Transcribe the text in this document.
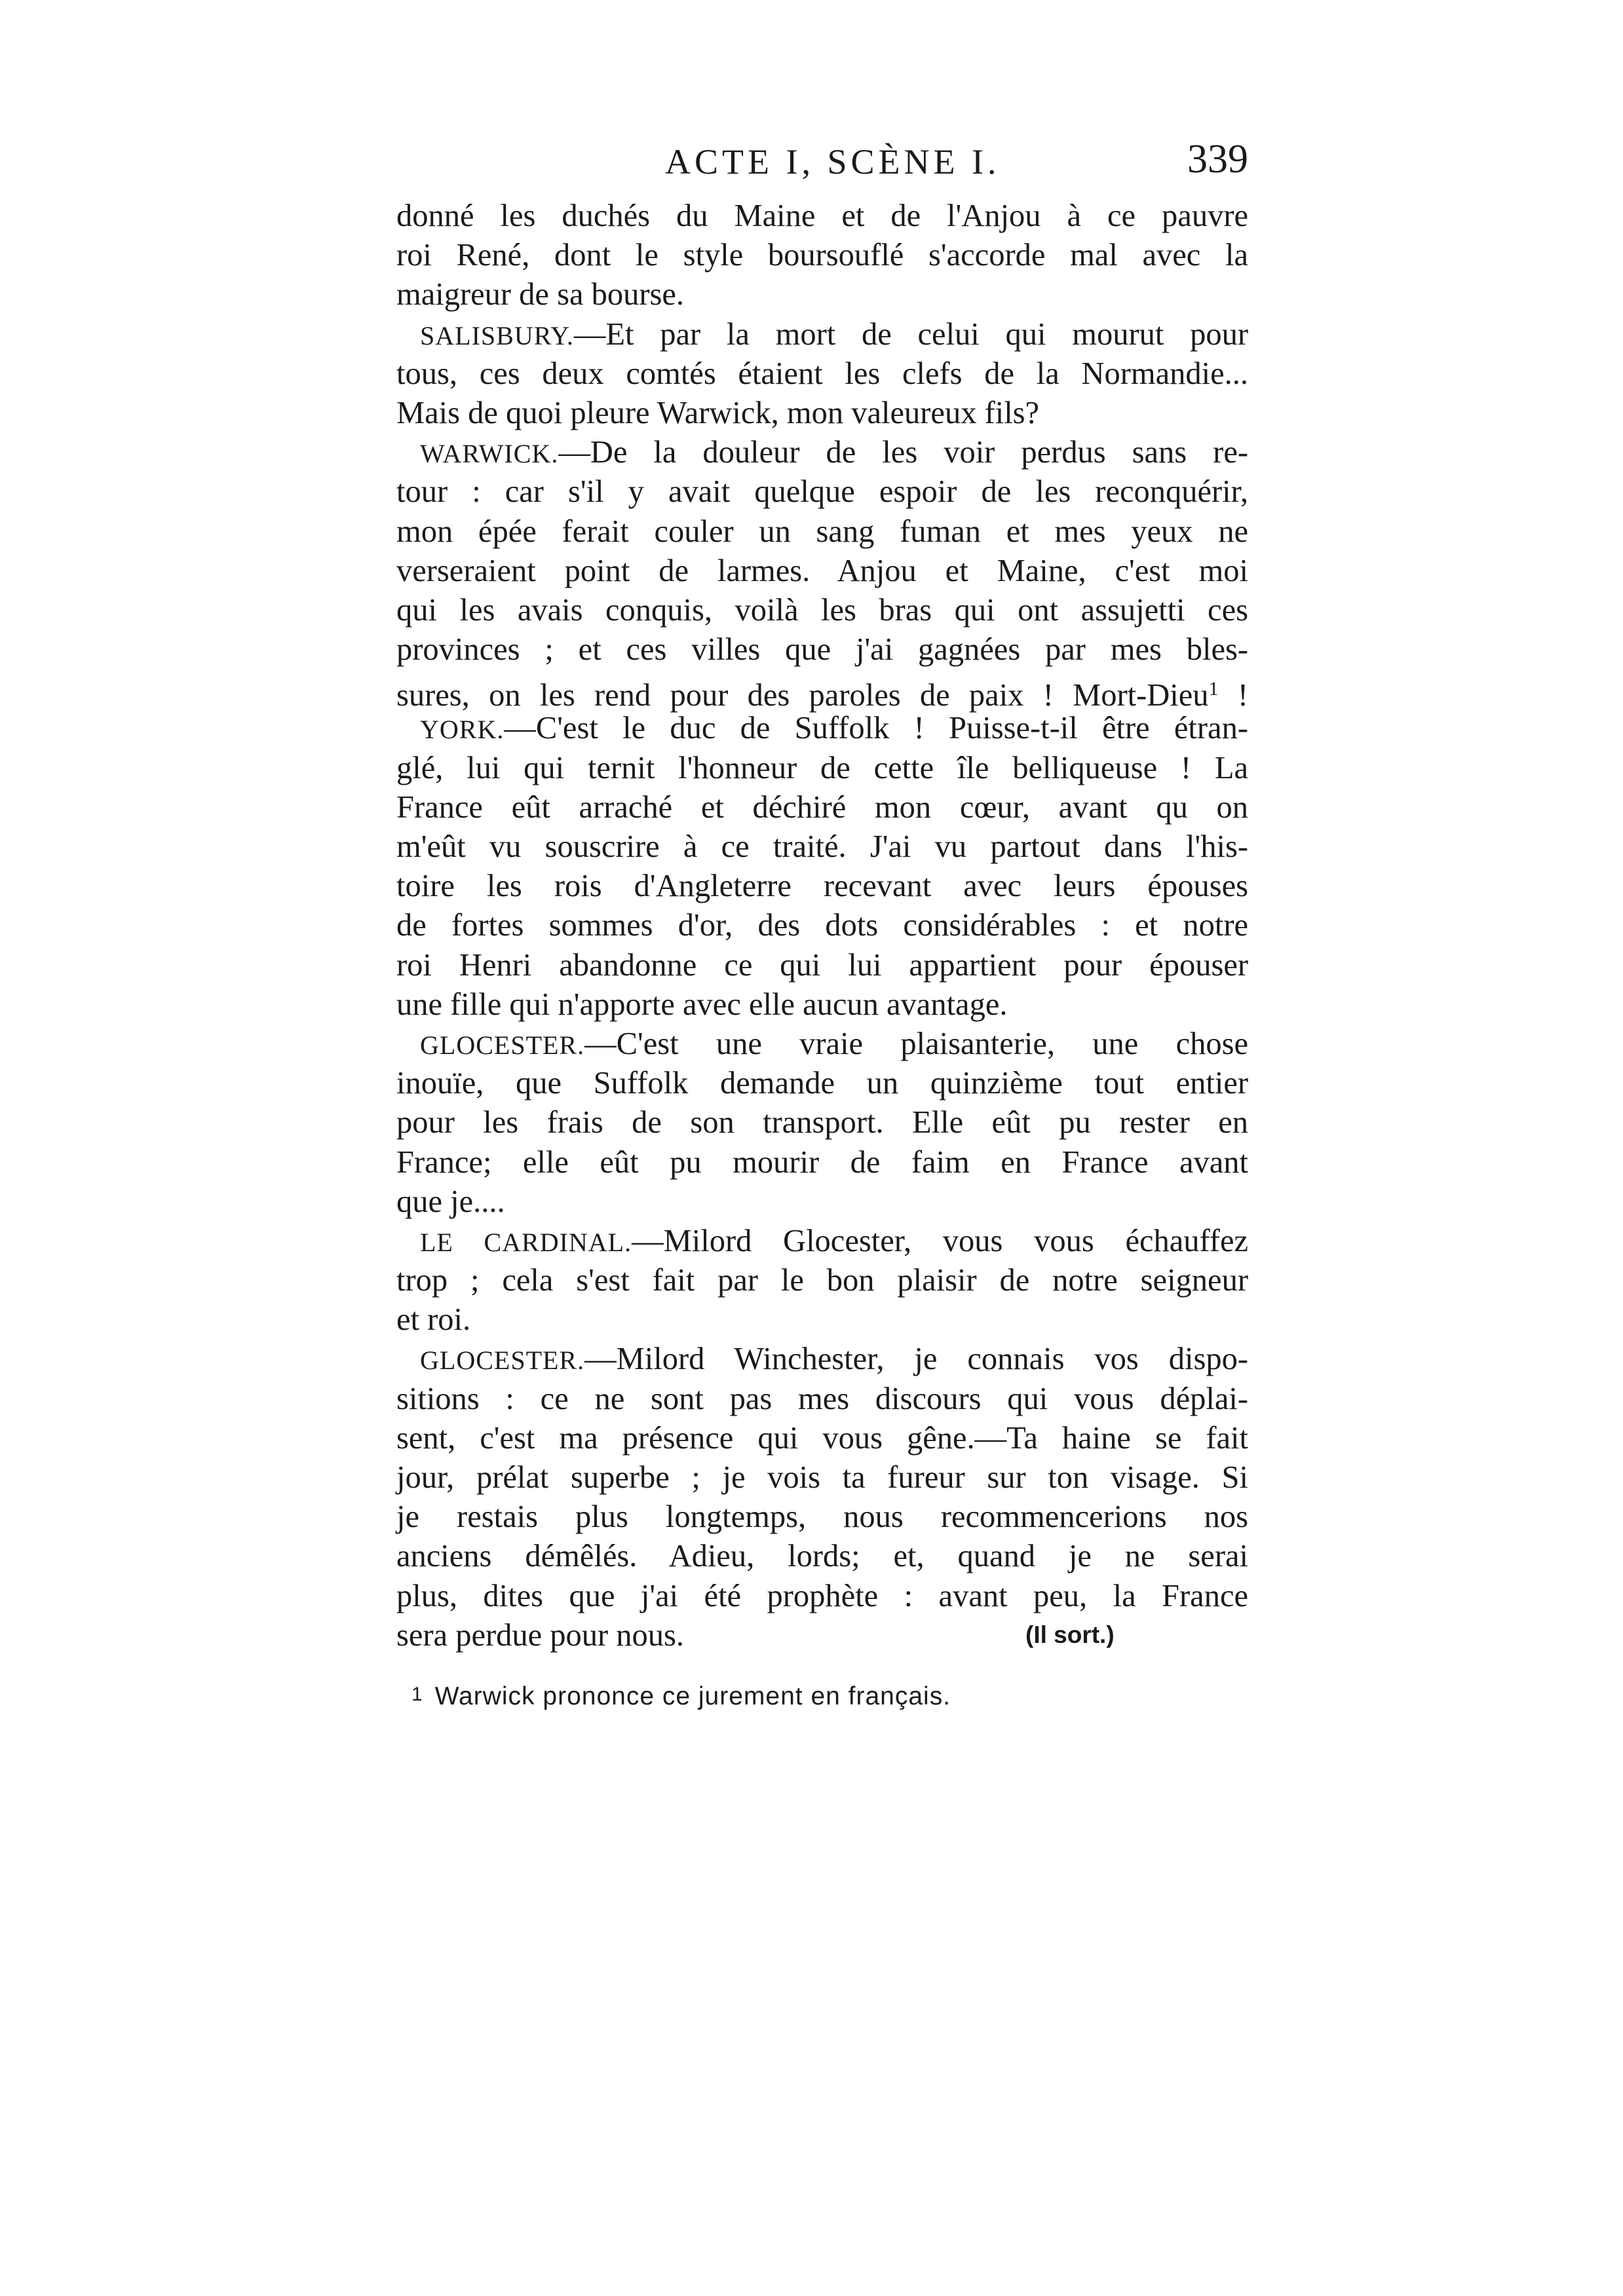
ACTE I, SCÈNE I.	339
donné les duchés du Maine et de l'Anjou à ce pauvre
roi René, dont le style boursouflé s'accorde mal avec la
maigreur de sa bourse.
SALISBURY.—Et par la mort de celui qui mourut pour
tous, ces deux comtés étaient les clefs de la Normandie...
Mais de quoi pleure Warwick, mon valeureux fils?
WARWICK.—De la douleur de les voir perdus sans re-
tour : car s'il y avait quelque espoir de les reconquérir,
mon épée ferait couler un sang fuman et mes yeux ne
verseraient point de larmes. Anjou et Maine, c'est moi
qui les avais conquis, voilà les bras qui ont assujetti ces
provinces ; et ces villes que j'ai gagnées par mes bles-
sures, on les rend pour des paroles de paix ! Mort-Dieu$^1$ !
YORK.—C'est le duc de Suffolk ! Puisse-t-il être étran-
glé, lui qui ternit l'honneur de cette île belliqueuse ! La
France eût arraché et déchiré mon cœur, avant qu on
m'eût vu souscrire à ce traité. J'ai vu partout dans l'his-
toire les rois d'Angleterre recevant avec leurs épouses
de fortes sommes d'or, des dots considérables : et notre
roi Henri abandonne ce qui lui appartient pour épouser
une fille qui n'apporte avec elle aucun avantage.
GLOCESTER.—C'est une vraie plaisanterie, une chose
inouïe, que Suffolk demande un quinzième tout entier
pour les frais de son transport. Elle eût pu rester en
France; elle eût pu mourir de faim en France avant
que je....
LE CARDINAL.—Milord Glocester, vous vous échauffez
trop ; cela s'est fait par le bon plaisir de notre seigneur
et roi.
GLOCESTER.—Milord Winchester, je connais vos dispo-
sitions : ce ne sont pas mes discours qui vous déplai-
sent, c'est ma présence qui vous gêne.—Ta haine se fait
jour, prélat superbe ; je vois ta fureur sur ton visage. Si
je restais plus longtemps, nous recommencerions nos
anciens démêlés. Adieu, lords; et, quand je ne serai
plus, dites que j'ai été prophète : avant peu, la France
sera perdue pour nous.	(Il sort.)
1 Warwick prononce ce jurement en français.
